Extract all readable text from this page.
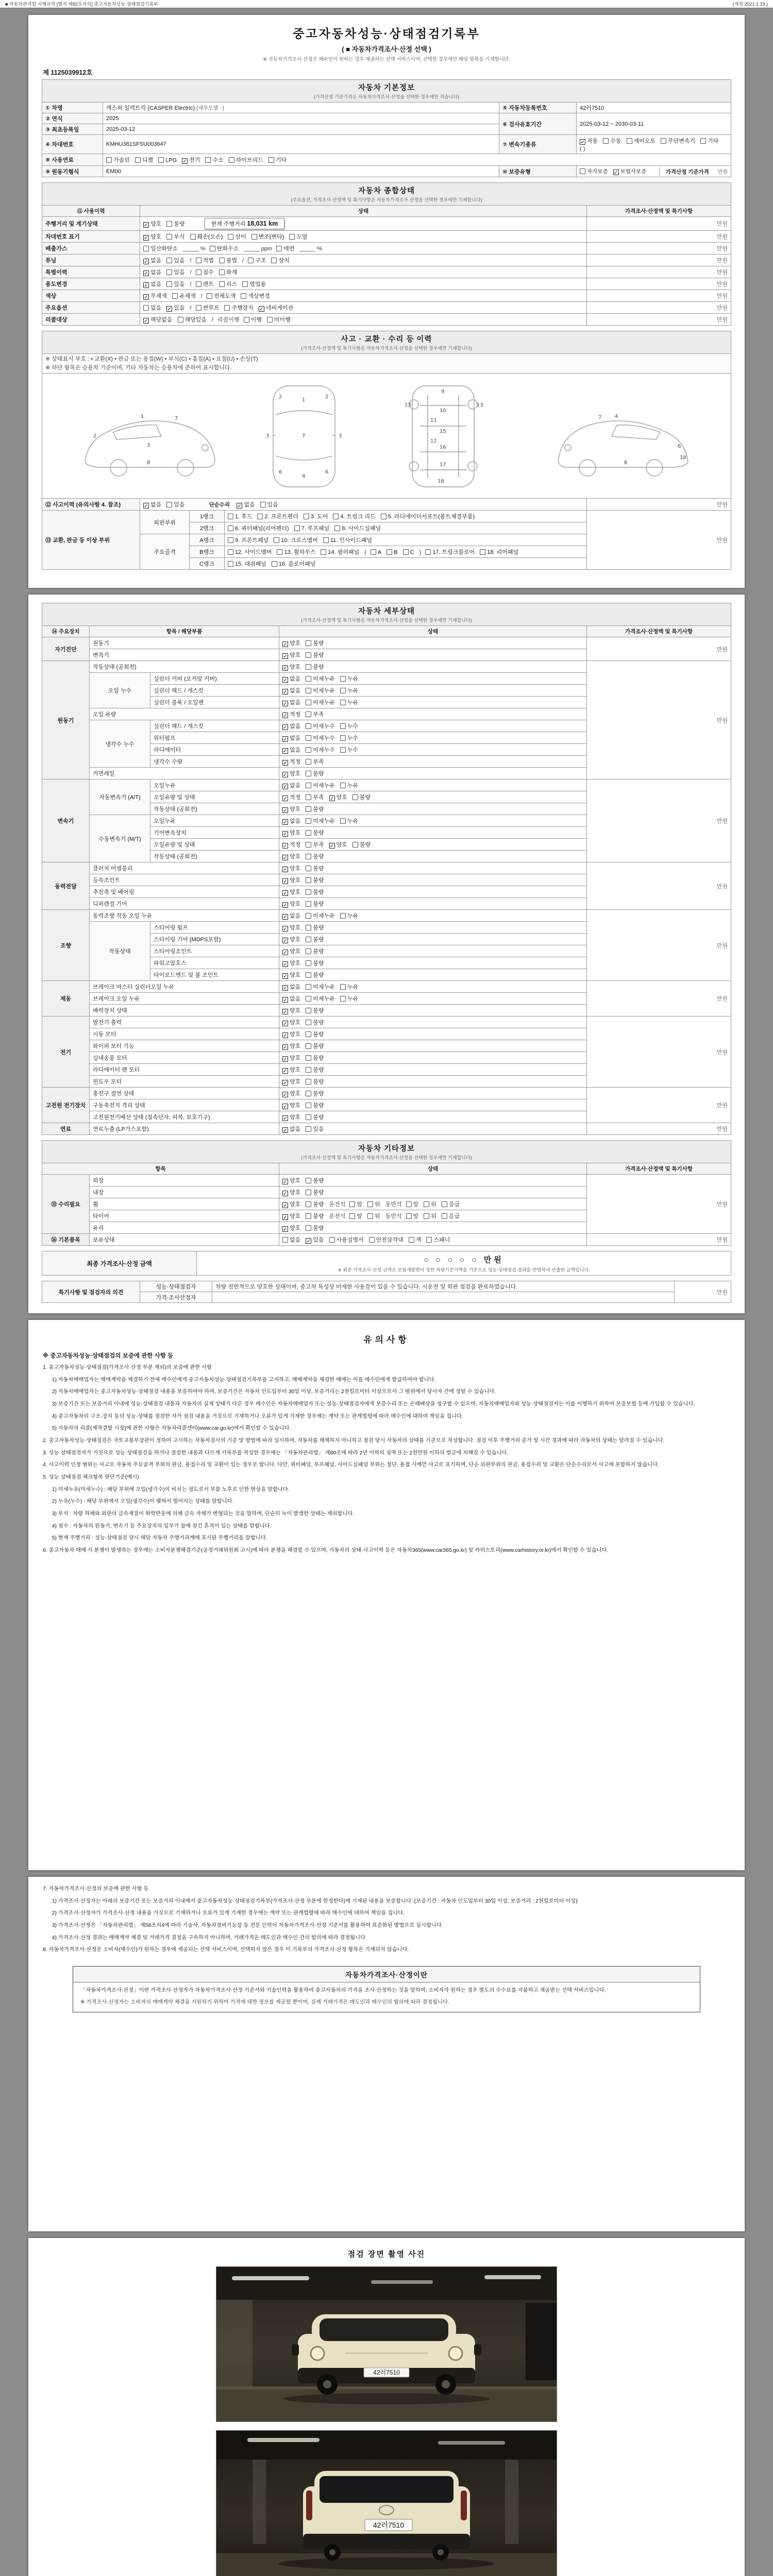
■ 자동차관리법 시행규칙 [별지 제82호서식] 중고자동차성능·상태점검기록부	(개정 2021.1.19.)
중고자동차성능·상태점검기록부
( ■ 자동차가격조사·산정 선택 )
※ 자동차가격조사·산정은 매수인이 원하는 경우 제공하는 선택 서비스이며, 선택한 경우에만 해당 항목을 기재합니다.
제 1125039912호
자동차 기본정보
(가격산정 기준가격은 자동차가격조사·산정을 선택한 경우에만 적습니다)			

① 차명	캐스퍼 일렉트릭 (CASPER Electric) (세부모델 : )	⑤ 자동차등록번호	42러7510
② 연식	2025	⑥ 검사유효기간	2025-03-12 ~ 2030-03-11
③ 최초등록일	2025-03-12		
④ 차대번호	KMHU381SFSU003647	⑦ 변속기종류	✓ 자동 수동 세미오토 무단변속기 기타( )
⑧ 사용연료	가솔린 디젤 LPG ✓ 전기 수소 하이브리드 기타		
⑨ 원동기형식	EM00	⑩ 보증유형	자가보증 ✓ 보험사보증 가격산정 기준가격 만원
자동차 종합상태
(주요옵션, 가격조사·산정액 및 특기사항은 자동차가격조사·산정을 선택한 경우에만 기재합니다)		

⑪ 사용이력	상태	가격조사·산정액 및 특기사항
주행거리 및 계기상태	✓ 양호 불량 현재 주행거리 18,031 km	만원
차대번호 표기	✓ 양호 부식 훼손(오손) 상이 변조(변타) 도말	만원
배출가스	일산화탄소 _____ % 탄화수소 _____ ppm 매연 _____ %	만원
튜닝	✓ 없음 있음 / 적법 불법 / 구조 장치	만원
특별이력	✓ 없음 있음 / 침수 화재	만원
용도변경	✓ 없음 있음 / 렌트 리스 영업용	만원
색상	✓ 무채색 유채색 / 전체도색 색상변경	만원
주요옵션	없음 ✓ 있음 / 썬루프 주행장치 ✓ 네비게이션	만원
리콜대상	✓ 해당없음 해당있음 / 리콜이행 이행 미이행	만원
사고 · 교환 · 수리 등 이력
(가격조사·산정액 및 특기사항은 자동차가격조사·산정을 선택한 경우에만 기재합니다)				

※ 상태표시 부호 : • 교환(X) • 판금 또는 용접(W) • 부식(C) • 흠집(A) • 요철(U) • 손상(T)
※ 하단 항목은 승용차 기준이며, 기타 자동차는 승용차에 준하여 표시합니다.				

1
2
3
7
8
1
2	2
3	3
7
4
6	6
9
10
11
15
12
16
13	13
17
18
4
6
7
8
18

⑫ 사고이력 (유의사항 4. 참조)	✓ 없음 있음 단순수리 ✓ 없음 있음			만원
⑬ 교환, 판금 등 이상 부위	외판부위	1랭크	1. 후드 2. 프론트펜더 3. 도어 4. 트렁크 리드 5. 라디에이터서포트(볼트체결부품)	만원
		2랭크	6. 쿼터패널(리어펜더) 7. 루프패널 8. 사이드실패널	
	주요골격	A랭크	9. 프론트패널 10. 크로스멤버 11. 인사이드패널	
		B랭크	12. 사이드멤버 13. 휠하우스 14. 필러패널 ( A B C ) 17. 트렁크플로어 18. 리어패널	
		C랭크	15. 대쉬패널 16. 플로어패널	
자동차 세부상태
(가격조사·산정액 및 특기사항은 자동차가격조사·산정을 선택한 경우에만 기재합니다)				

⑭ 주요장치	항목 / 해당부품		상태	가격조사·산정액 및 특기사항
자기진단	원동기		✓ 양호 불량	만원
	변속기		✓ 양호 불량	
원동기	작동상태 (공회전)		✓ 양호 불량	만원
	오일 누수	실린더 커버 (로커암 커버)	✓ 없음 미세누유 누유	
		실린더 헤드 / 개스킷	✓ 없음 미세누유 누유	
		실린더 블록 / 오일팬	✓ 없음 미세누유 누유	
	오일 유량		✓ 적정 부족	
	냉각수 누수	실린더 헤드 / 개스킷	✓ 없음 미세누수 누수	
		워터펌프	✓ 없음 미세누수 누수	
		라디에이터	✓ 없음 미세누수 누수	
		냉각수 수량	✓ 적정 부족	
	커먼레일		✓ 양호 불량	
변속기	자동변속기 (A/T)	오일누유	✓ 없음 미세누유 누유	만원
		오일유량 및 상태	✓ 적정 부족 ✓ 양호 불량	
		작동상태 (공회전)	✓ 양호 불량	
	수동변속기 (M/T)	오일누유	✓ 없음 미세누유 누유	
		기어변속장치	✓ 양호 불량	
		오일유량 및 상태	✓ 적정 부족 ✓ 양호 불량	
		작동상태 (공회전)	✓ 양호 불량	
동력전달	클러치 어셈블리		✓ 양호 불량	만원
	등속조인트		✓ 양호 불량	
	추진축 및 베어링		✓ 양호 불량	
	디퍼렌셜 기어		✓ 양호 불량	
조향	동력조향 작동 오일 누유		✓ 없음 미세누유 누유	만원
	작동상태	스티어링 펌프	✓ 양호 불량	
		스티어링 기어 (MDPS포함)	✓ 양호 불량	
		스티어링조인트	✓ 양호 불량	
		파워고압호스	✓ 양호 불량	
		타이로드엔드 및 볼 조인트	✓ 양호 불량	
제동	브레이크 마스터 실린더오일 누유		✓ 없음 미세누유 누유	만원
	브레이크 오일 누유		✓ 없음 미세누유 누유	
	배력장치 상태		✓ 양호 불량	
전기	발전기 출력		✓ 양호 불량	만원
	시동 모터		✓ 양호 불량	
	와이퍼 모터 기능		✓ 양호 불량	
	실내송풍 모터		✓ 양호 불량	
	라디에이터 팬 모터		✓ 양호 불량	
	윈도우 모터		✓ 양호 불량	
고전원 전기장치	충전구 절연 상태		✓ 양호 불량	만원
	구동축전지 격리 상태		✓ 양호 불량	
	고전원전기배선 상태 (접속단자, 피복, 보호기구)		✓ 양호 불량	
연료	연료누출 (LP가스포함)		✓ 없음 있음	만원
자동차 기타정보
(가격조사·산정액 및 특기사항은 자동차가격조사·산정을 선택한 경우에만 기재합니다)			

항목		상태	가격조사·산정액 및 특기사항
⑮ 수리필요	외장	✓ 양호 불량	만원
	내장	✓ 양호 불량	
	휠	✓ 양호 불량 운전석 앞 뒤 동반석 앞 뒤 응급	
	타이어	✓ 양호 불량 운전석 앞 뒤 동반석 앞 뒤 응급	
	유리	✓ 양호 불량	
⑯ 기본품목	보유상태	없음 ✓ 있음 사용설명서 안전삼각대 잭 스패너	만원
최종 가격조사·산정 금액	○ ○ ○ ○ ○ 만원
※ 최종 가격조사·산정 금액은 보험개발원이 정한 차량기준가액을 기준으로 성능·상태점검 결과를 반영하여 산출한 금액입니다.
특기사항 및 점검자의 의견	성능·상태점검자	차량 전반적으로 양호한 상태이며, 중고차 특성상 미세한 사용감이 있을 수 있습니다. 시운전 및 외관 점검을 완료하였습니다.	만원
	가격·조사산정자		
유의사항
※ 중고자동차성능·상태점검의 보증에 관한 사항 등

1. 중고자동차성능·상태점검(가격조사·산정 부분 제외)의 보증에 관한 사항

1) 자동차매매업자는 매매계약을 체결하기 전에 매수인에게 중고자동차성능·상태점검기록부를 고지하고, 매매계약을 체결한 때에는 이를 매수인에게 발급하여야 합니다.

2) 자동차매매업자는 중고자동차성능·상태점검 내용을 보증하여야 하며, 보증기간은 자동차 인도일부터 30일 이상, 보증거리는 2천킬로미터 이상으로서 그 범위에서 당사자 간에 정할 수 있습니다.

3) 보증기간 또는 보증거리 이내에 성능·상태점검 내용과 자동차의 실제 상태가 다른 경우 매수인은 자동차매매업자 또는 성능·상태점검자에게 보증수리 또는 손해배상을 청구할 수 있으며, 자동차매매업자와 성능·상태점검자는 이를 이행하기 위하여 보증보험 등에 가입할 수 있습니다.

4) 중고자동차의 구조·장치 등의 성능·상태를 점검한 자가 점검 내용을 거짓으로 기재하거나 오류가 있게 기재한 경우에는 계약 또는 관계법령에 따라 매수인에 대하여 책임을 집니다.

5) 자동차의 리콜(제작결함 시정)에 관한 사항은 자동차리콜센터(www.car.go.kr)에서 확인할 수 있습니다.

2. 중고자동차성능·상태점검은 국토교통부장관이 정하여 고시하는 자동차검사의 기준 및 방법에 따라 실시하며, 자동차를 해체하지 아니하고 점검 당시 자동차의 상태를 기준으로 작성합니다. 점검 이후 주행거리 증가 및 시간 경과에 따라 자동차의 상태는 달라질 수 있습니다.

3. 성능·상태점검자가 거짓으로 성능·상태점검을 하거나 점검한 내용과 다르게 기록부를 작성한 경우에는 「자동차관리법」 제80조에 따라 2년 이하의 징역 또는 2천만원 이하의 벌금에 처해질 수 있습니다.

4. 사고이력 인정 범위는 사고로 자동차 주요골격 부위의 판금, 용접수리 및 교환이 있는 경우로 합니다. 다만, 쿼터패널, 루프패널, 사이드실패널 부위는 절단, 용접 시에만 사고로 표기하며, 단순 외판부위의 판금, 용접수리 및 교환은 단순수리로서 사고에 포함하지 않습니다.

5. 성능·상태점검 체크항목 판단기준(예시)

1) 미세누유(미세누수) : 해당 부위에 오일(냉각수)이 비치는 정도로서 부품 노후로 인한 현상을 말합니다.

2) 누유(누수) : 해당 부위에서 오일(냉각수)이 맺혀서 떨어지는 상태를 말합니다.

3) 부식 : 차량 하체와 외판의 금속재질이 화학반응에 의해 금속 자체가 변형되는 것을 말하며, 단순히 녹이 발생한 상태는 제외합니다.

4) 침수 : 자동차의 원동기, 변속기 등 주요장치의 일부가 물에 잠긴 흔적이 있는 상태를 말합니다.

5) 현재 주행거리 : 성능·상태점검 당시 해당 자동차 주행거리계에 표시된 주행거리를 말합니다.

6. 중고자동차 매매 시 분쟁이 발생하는 경우에는 소비자분쟁해결기준(공정거래위원회 고시)에 따라 분쟁을 해결할 수 있으며, 자동차의 상태·사고이력 등은 자동차365(www.car365.go.kr) 및 카히스토리(www.carhistory.or.kr)에서 확인할 수 있습니다.

7. 자동차가격조사·산정의 보증에 관한 사항 등

1) 가격조사·산정자는 아래의 보증기간 또는 보증거리 이내에서 중고자동차성능·상태점검기록부(가격조사·산정 부분에 한정한다)에 기재된 내용을 보증합니다. (보증기간 : 자동차 인도일부터 30일 이상, 보증거리 : 2천킬로미터 이상)

2) 가격조사·산정자가 가격조사·산정 내용을 거짓으로 기재하거나 오류가 있게 기재한 경우에는 계약 또는 관계법령에 따라 매수인에 대하여 책임을 집니다.

3) 가격조사·산정은 「자동차관리법」 제58조의4에 따라 기술사, 자동차정비기능장 등 전문 인력이 자동차가격조사·산정 기준서를 활용하여 표준화된 방법으로 실시합니다.

4) 가격조사·산정 결과는 매매계약 체결 및 거래가격 결정을 구속하지 아니하며, 거래가격은 매도인과 매수인 간의 합의에 따라 결정됩니다.

8. 자동차가격조사·산정은 소비자(매수인)가 원하는 경우에 제공되는 선택 서비스이며, 선택하지 않은 경우 이 기록부의 가격조사·산정 항목은 기재되지 않습니다.

자동차가격조사·산정이란
「자동차가격조사·산정」이란 가격조사·산정자가 자동차가격조사·산정 기준서와 기술인력을 활용하여 중고자동차의 가격을 조사·산정하는 것을 말하며, 소비자가 원하는 경우 별도의 수수료를 지불하고 제공받는 선택 서비스입니다.
※ 가격조사·산정자는 소비자의 매매계약 체결을 지원하기 위하여 가격에 대한 정보를 제공할 뿐이며, 실제 거래가격은 매도인과 매수인의 합의에 따라 결정됩니다.
점검 장면 촬영 사진
42러7510
42러7510
